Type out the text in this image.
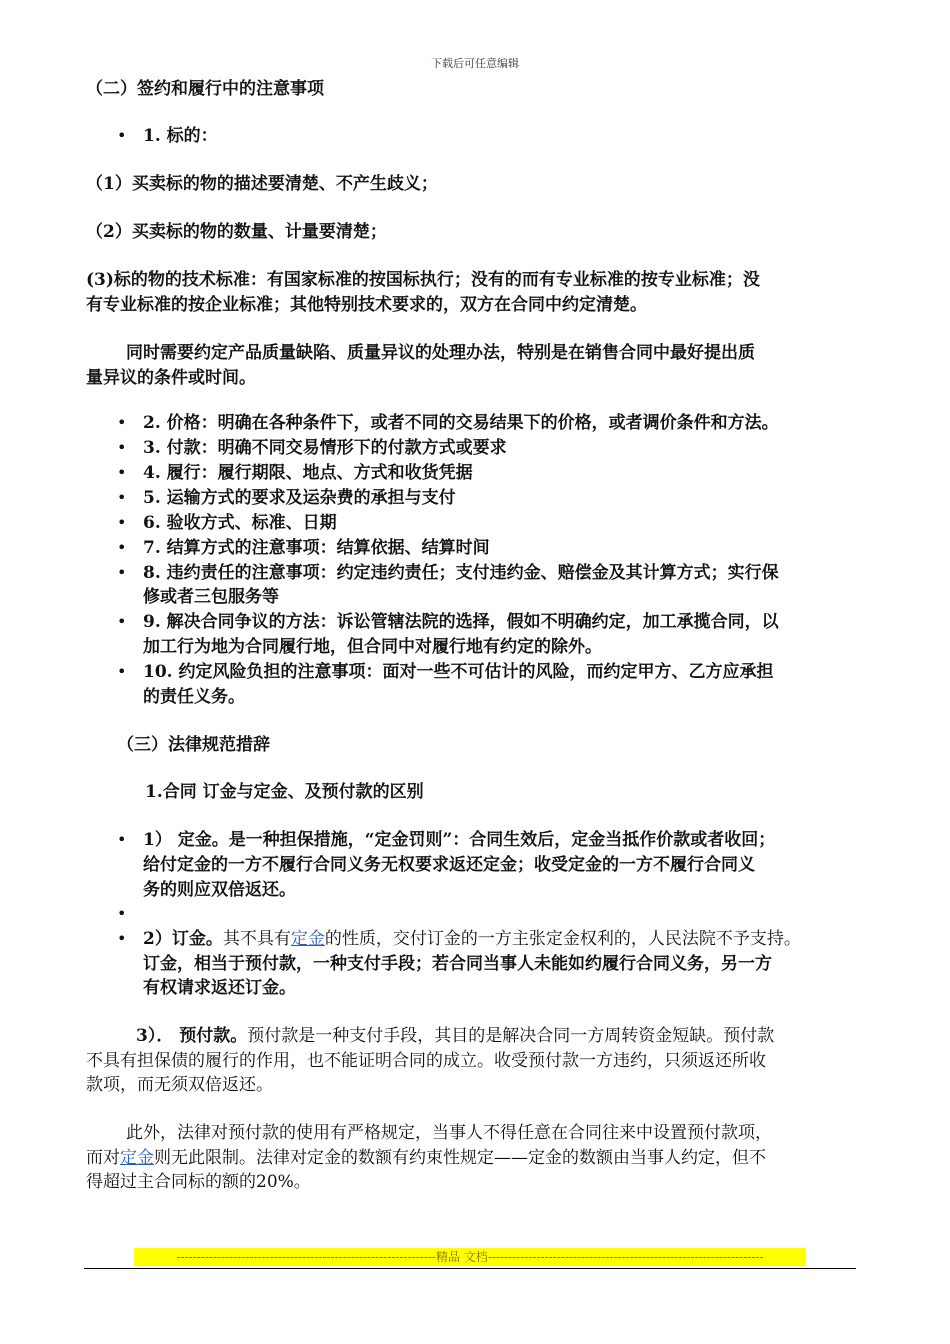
下载后可任意编辑
（二）签约和履行中的注意事项
• 1. 标的：
（1）买卖标的物的描述要清楚、不产生歧义；
（2）买卖标的物的数量、计量要清楚；
(3)标的物的技术标准：有国家标准的按国标执行；没有的而有专业标准的按专业标准；没
有专业标准的按企业标准；其他特别技术要求的，双方在合同中约定清楚。
同时需要约定产品质量缺陷、质量异议的处理办法，特别是在销售合同中最好提出质
量异议的条件或时间。
• 2. 价格：明确在各种条件下，或者不同的交易结果下的价格，或者调价条件和方法。
• 3. 付款：明确不同交易情形下的付款方式或要求
• 4. 履行：履行期限、地点、方式和收货凭据
• 5. 运输方式的要求及运杂费的承担与支付
• 6. 验收方式、标准、日期
• 7. 结算方式的注意事项：结算依据、结算时间
• 8. 违约责任的注意事项：约定违约责任；支付违约金、赔偿金及其计算方式；实行保
修或者三包服务等
• 9. 解决合同争议的方法：诉讼管辖法院的选择，假如不明确约定，加工承揽合同，以
加工行为地为合同履行地，但合同中对履行地有约定的除外。
• 10. 约定风险负担的注意事项：面对一些不可估计的风险，而约定甲方、乙方应承担
的责任义务。
（三）法律规范措辞
1.合同 订金与定金、及预付款的区别
• 1） 定金。是一种担保措施，“定金罚则”：合同生效后，定金当抵作价款或者收回；
给付定金的一方不履行合同义务无权要求返还定金；收受定金的一方不履行合同义
务的则应双倍返还。
•
• 2）订金。其不具有定金的性质，交付订金的一方主张定金权利的，人民法院不予支持。
订金，相当于预付款，一种支付手段；若合同当事人未能如约履行合同义务，另一方
有权请求返还订金。
3）． 预付款。预付款是一种支付手段，其目的是解决合同一方周转资金短缺。预付款
不具有担保债的履行的作用，也不能证明合同的成立。收受预付款一方违约，只须返还所收
款项，而无须双倍返还。
此外，法律对预付款的使用有严格规定，当事人不得任意在合同往来中设置预付款项，
而对定金则无此限制。法律对定金的数额有约束性规定——定金的数额由当事人约定，但不
得超过主合同标的额的20%。
----------------------------------------------------------------精品 文档--------------------------------------------------------------------
